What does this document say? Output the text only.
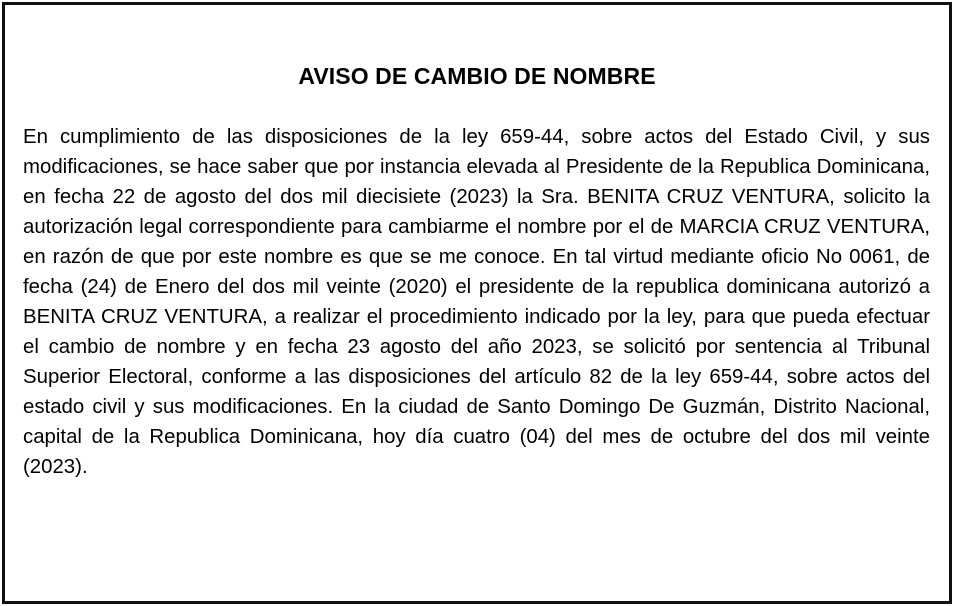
AVISO DE CAMBIO DE NOMBRE

En cumplimiento de las disposiciones de la ley 659-44, sobre actos del Estado Civil, y sus modificaciones, se hace saber que por instancia elevada al Presidente de la Republica Dominicana, en fecha 22 de agosto del dos mil diecisiete (2023) la Sra. BENITA CRUZ VENTURA, solicito la autorización legal correspondiente para cambiarme el nombre por el de MARCIA CRUZ VENTURA, en razón de que por este nombre es que se me conoce. En tal virtud mediante oficio No 0061, de fecha (24) de Enero del dos mil veinte (2020) el presidente de la republica dominicana autorizó a BENITA CRUZ VENTURA, a realizar el procedimiento indicado por la ley, para que pueda efectuar el cambio de nombre y en fecha 23 agosto del año 2023, se solicitó por sentencia al Tribunal Superior Electoral, conforme a las disposiciones del artículo 82 de la ley 659-44, sobre actos del estado civil y sus modificaciones. En la ciudad de Santo Domingo De Guzmán, Distrito Nacional, capital de la Republica Dominicana, hoy día cuatro (04) del mes de octubre del dos mil veinte (2023).
